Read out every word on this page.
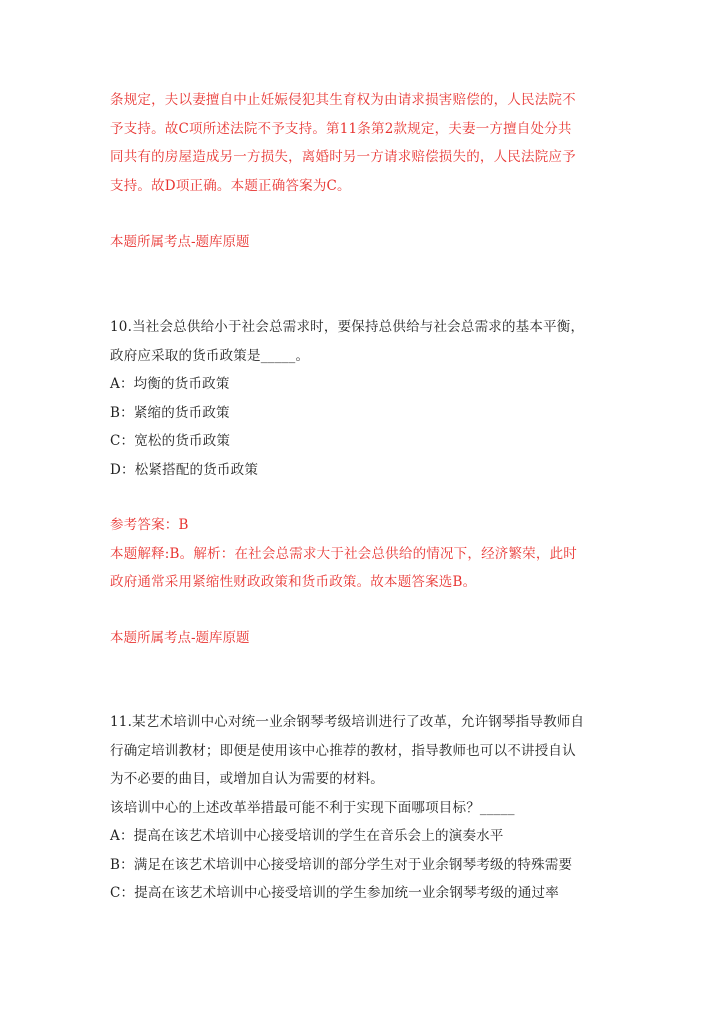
条规定，夫以妻擅自中止妊娠侵犯其生育权为由请求损害赔偿的，人民法院不
予支持。故C项所述法院不予支持。第11条第2款规定，夫妻一方擅自处分共
同共有的房屋造成另一方损失，离婚时另一方请求赔偿损失的，人民法院应予
支持。故D项正确。本题正确答案为C。
本题所属考点-题库原题
10.当社会总供给小于社会总需求时，要保持总供给与社会总需求的基本平衡，
政府应采取的货币政策是_____。
A：均衡的货币政策
B：紧缩的货币政策
C：宽松的货币政策
D：松紧搭配的货币政策
参考答案：B
本题解释:B。解析：在社会总需求大于社会总供给的情况下，经济繁荣，此时
政府通常采用紧缩性财政政策和货币政策。故本题答案选B。
本题所属考点-题库原题
11.某艺术培训中心对统一业余钢琴考级培训进行了改革，允许钢琴指导教师自
行确定培训教材；即便是使用该中心推荐的教材，指导教师也可以不讲授自认
为不必要的曲目，或增加自认为需要的材料。
该培训中心的上述改革举措最可能不利于实现下面哪项目标？_____
A：提高在该艺术培训中心接受培训的学生在音乐会上的演奏水平
B：满足在该艺术培训中心接受培训的部分学生对于业余钢琴考级的特殊需要
C：提高在该艺术培训中心接受培训的学生参加统一业余钢琴考级的通过率
